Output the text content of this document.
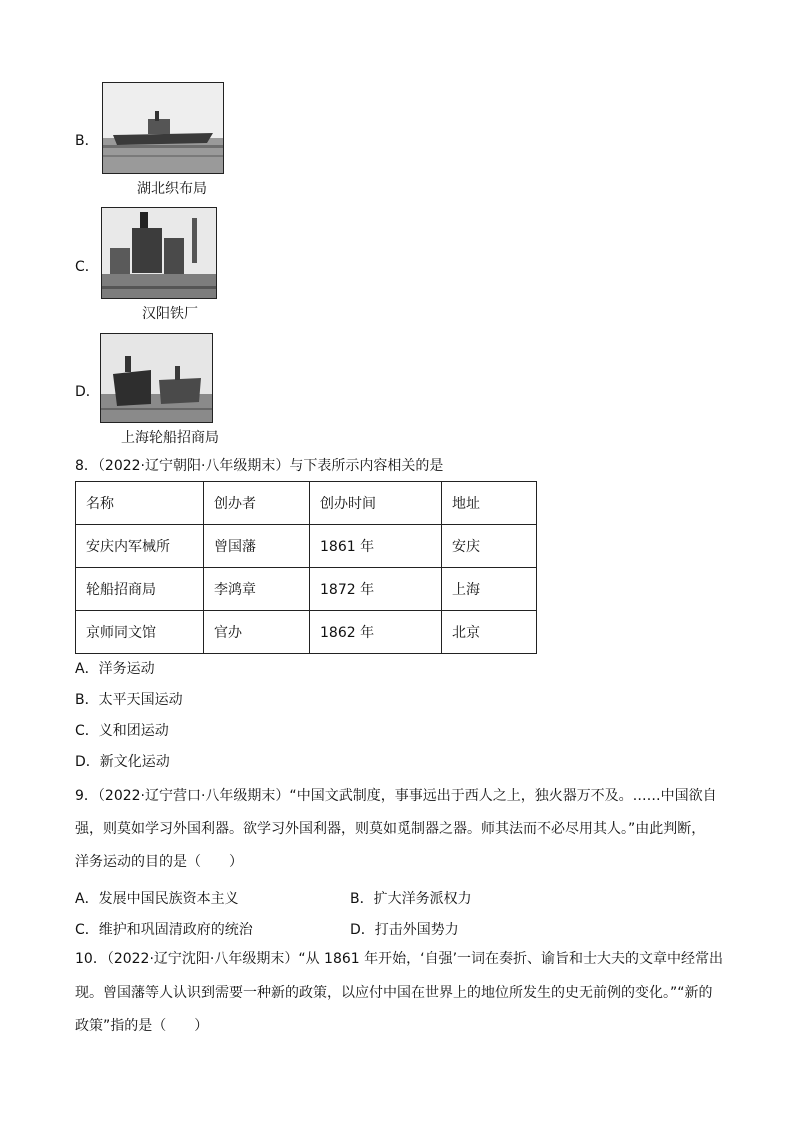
B．
湖北织布局
C．
汉阳铁厂
D．
上海轮船招商局
8．（2022·辽宁朝阳·八年级期末）与下表所示内容相关的是
名称	创办者	创办时间	地址
安庆内军械所	曾国藩	1861 年	安庆
轮船招商局	李鸿章	1872 年	上海
京师同文馆	官办	1862 年	北京
A．洋务运动
B．太平天国运动
C．义和团运动
D．新文化运动
9．（2022·辽宁营口·八年级期末）“中国文武制度，事事远出于西人之上，独火器万不及。……中国欲自
强，则莫如学习外国利器。欲学习外国利器，则莫如觅制器之器。师其法而不必尽用其人。”由此判断，
洋务运动的目的是（　　）
A．发展中国民族资本主义	B．扩大洋务派权力
C．维护和巩固清政府的统治	D．打击外国势力
10．（2022·辽宁沈阳·八年级期末）“从 1861 年开始，‘自强’一词在奏折、谕旨和士大夫的文章中经常出
现。曾国藩等人认识到需要一种新的政策，以应付中国在世界上的地位所发生的史无前例的变化。”“新的
政策”指的是（　　）
